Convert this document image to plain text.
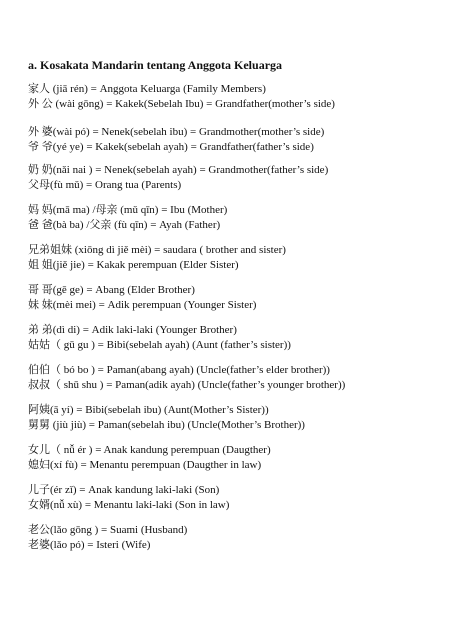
a. Kosakata Mandarin tentang Anggota Keluarga
家人 (jiā rén) = Anggota Keluarga (Family Members)
外 公 (wài gōng) = Kakek(Sebelah Ibu) = Grandfather(mother’s side)
外 婆(wài pó) = Nenek(sebelah ibu) = Grandmother(mother’s side)
爷 爷(yé ye) = Kakek(sebelah ayah) = Grandfather(father’s side)
奶 奶(nǎi nai ) = Nenek(sebelah ayah) = Grandmother(father’s side)
父母(fù mǔ) = Orang tua (Parents)
妈 妈(mā ma) /母亲 (mǔ qīn) = Ibu (Mother)
爸 爸(bà ba) /父亲 (fù qīn) = Ayah (Father)
兄弟姐妹 (xiōng dì jiě mèi) = saudara ( brother and sister)
姐 姐(jiě jie) = Kakak perempuan (Elder Sister)
哥 哥(gē ge) = Abang (Elder Brother)
妹 妹(mèi mei) = Adik perempuan (Younger Sister)
弟 弟(dì di) = Adik laki-laki (Younger Brother)
姑姑（ gū gu ) = Bibi(sebelah ayah) (Aunt (father’s sister))
伯伯（ bó bo ) = Paman(abang ayah) (Uncle(father’s elder brother))
叔叔（ shū shu ) = Paman(adik ayah) (Uncle(father’s younger brother))
阿姨(ā yí) = Bibi(sebelah ibu) (Aunt(Mother’s Sister))
舅舅 (jiù jiù) = Paman(sebelah ibu) (Uncle(Mother’s Brother))
女儿（ nǚ ér ) = Anak kandung perempuan (Daugther)
媳妇(xí fù) = Menantu perempuan (Daugther in law)
儿子(ér zǐ) = Anak kandung laki-laki (Son)
女婿(nǚ xù) = Menantu laki-laki (Son in law)
老公(lǎo gōng ) = Suami (Husband)
老婆(lǎo pó) = Isteri (Wife)
